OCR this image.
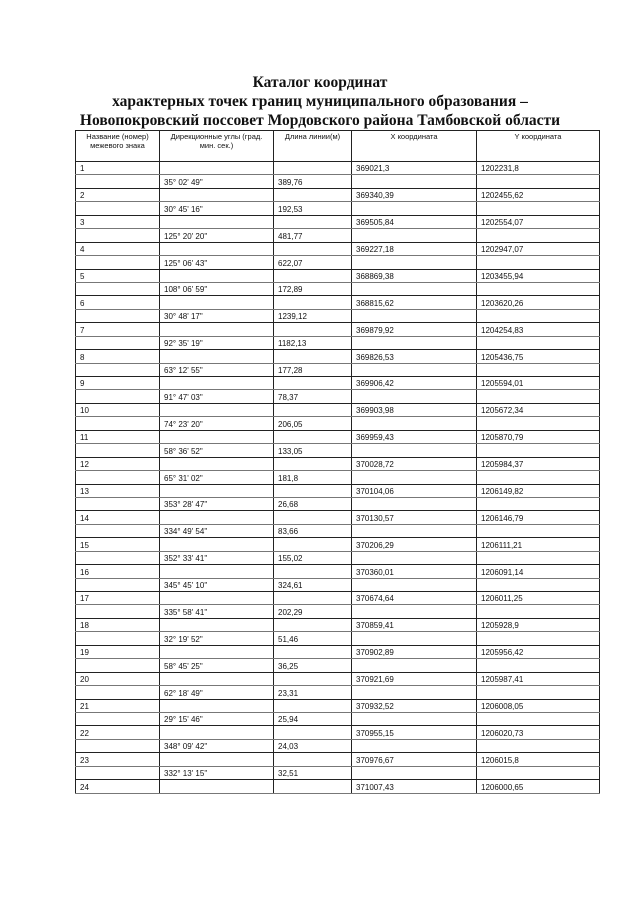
Каталог координат
характерных точек границ муниципального образования –
Новопокровский поссовет Мордовского района Тамбовской области
Название (номер) межевого знака	Дирекционные углы (град. мин. сек.)	Длина линии(м)	X координата	Y координата
1			369021,3	1202231,8
	35° 02' 49"	389,76		
2			369340,39	1202455,62
	30° 45' 16"	192,53		
3			369505,84	1202554,07
	125° 20' 20"	481,77		
4			369227,18	1202947,07
	125° 06' 43"	622,07		
5			368869,38	1203455,94
	108° 06' 59"	172,89		
6			368815,62	1203620,26
	30° 48' 17"	1239,12		
7			369879,92	1204254,83
	92° 35' 19"	1182,13		
8			369826,53	1205436,75
	63° 12' 55"	177,28		
9			369906,42	1205594,01
	91° 47' 03"	78,37		
10			369903,98	1205672,34
	74° 23' 20"	206,05		
11			369959,43	1205870,79
	58° 36' 52"	133,05		
12			370028,72	1205984,37
	65° 31' 02"	181,8		
13			370104,06	1206149,82
	353° 28' 47"	26,68		
14			370130,57	1206146,79
	334° 49' 54"	83,66		
15			370206,29	1206111,21
	352° 33' 41"	155,02		
16			370360,01	1206091,14
	345° 45' 10"	324,61		
17			370674,64	1206011,25
	335° 58' 41"	202,29		
18			370859,41	1205928,9
	32° 19' 52"	51,46		
19			370902,89	1205956,42
	58° 45' 25"	36,25		
20			370921,69	1205987,41
	62° 18' 49"	23,31		
21			370932,52	1206008,05
	29° 15' 46"	25,94		
22			370955,15	1206020,73
	348° 09' 42"	24,03		
23			370976,67	1206015,8
	332° 13' 15"	32,51		
24			371007,43	1206000,65
